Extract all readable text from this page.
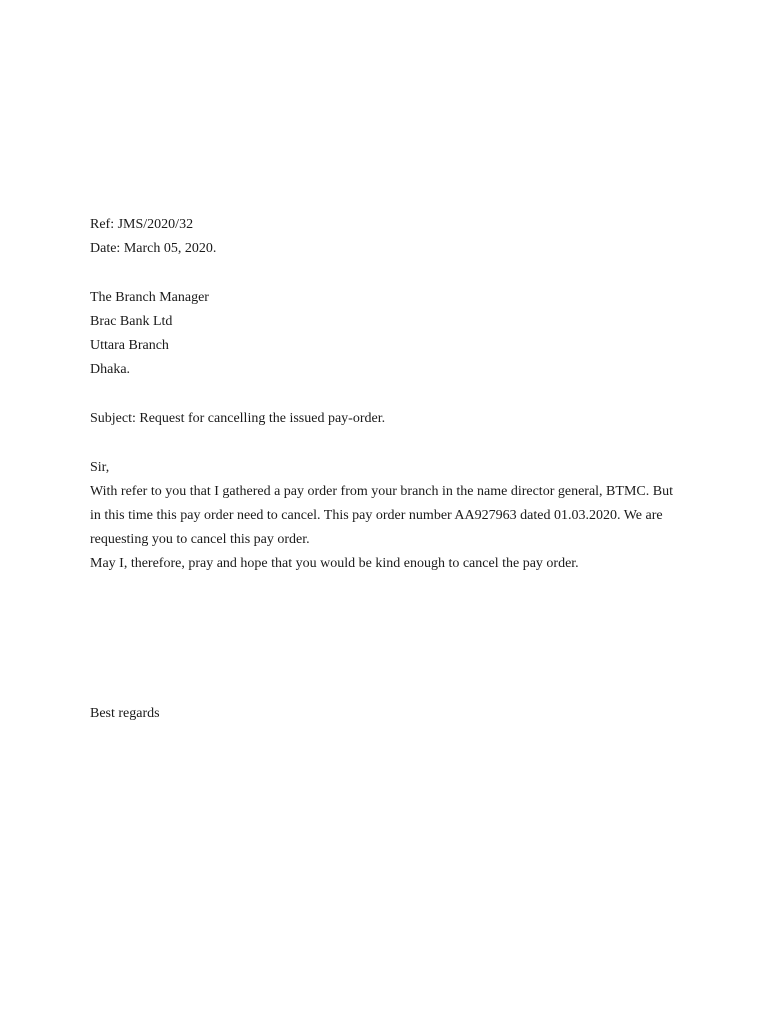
Ref: JMS/2020/32
Date: March 05, 2020.
The Branch Manager
Brac Bank Ltd
Uttara Branch
Dhaka.
Subject: Request for cancelling the issued pay-order.
Sir,
With refer to you that I gathered a pay order from your branch in the name director general, BTMC. But
in this time this pay order need to cancel. This pay order number AA927963 dated 01.03.2020. We are
requesting you to cancel this pay order.
May I, therefore, pray and hope that you would be kind enough to cancel the pay order.
Best regards
